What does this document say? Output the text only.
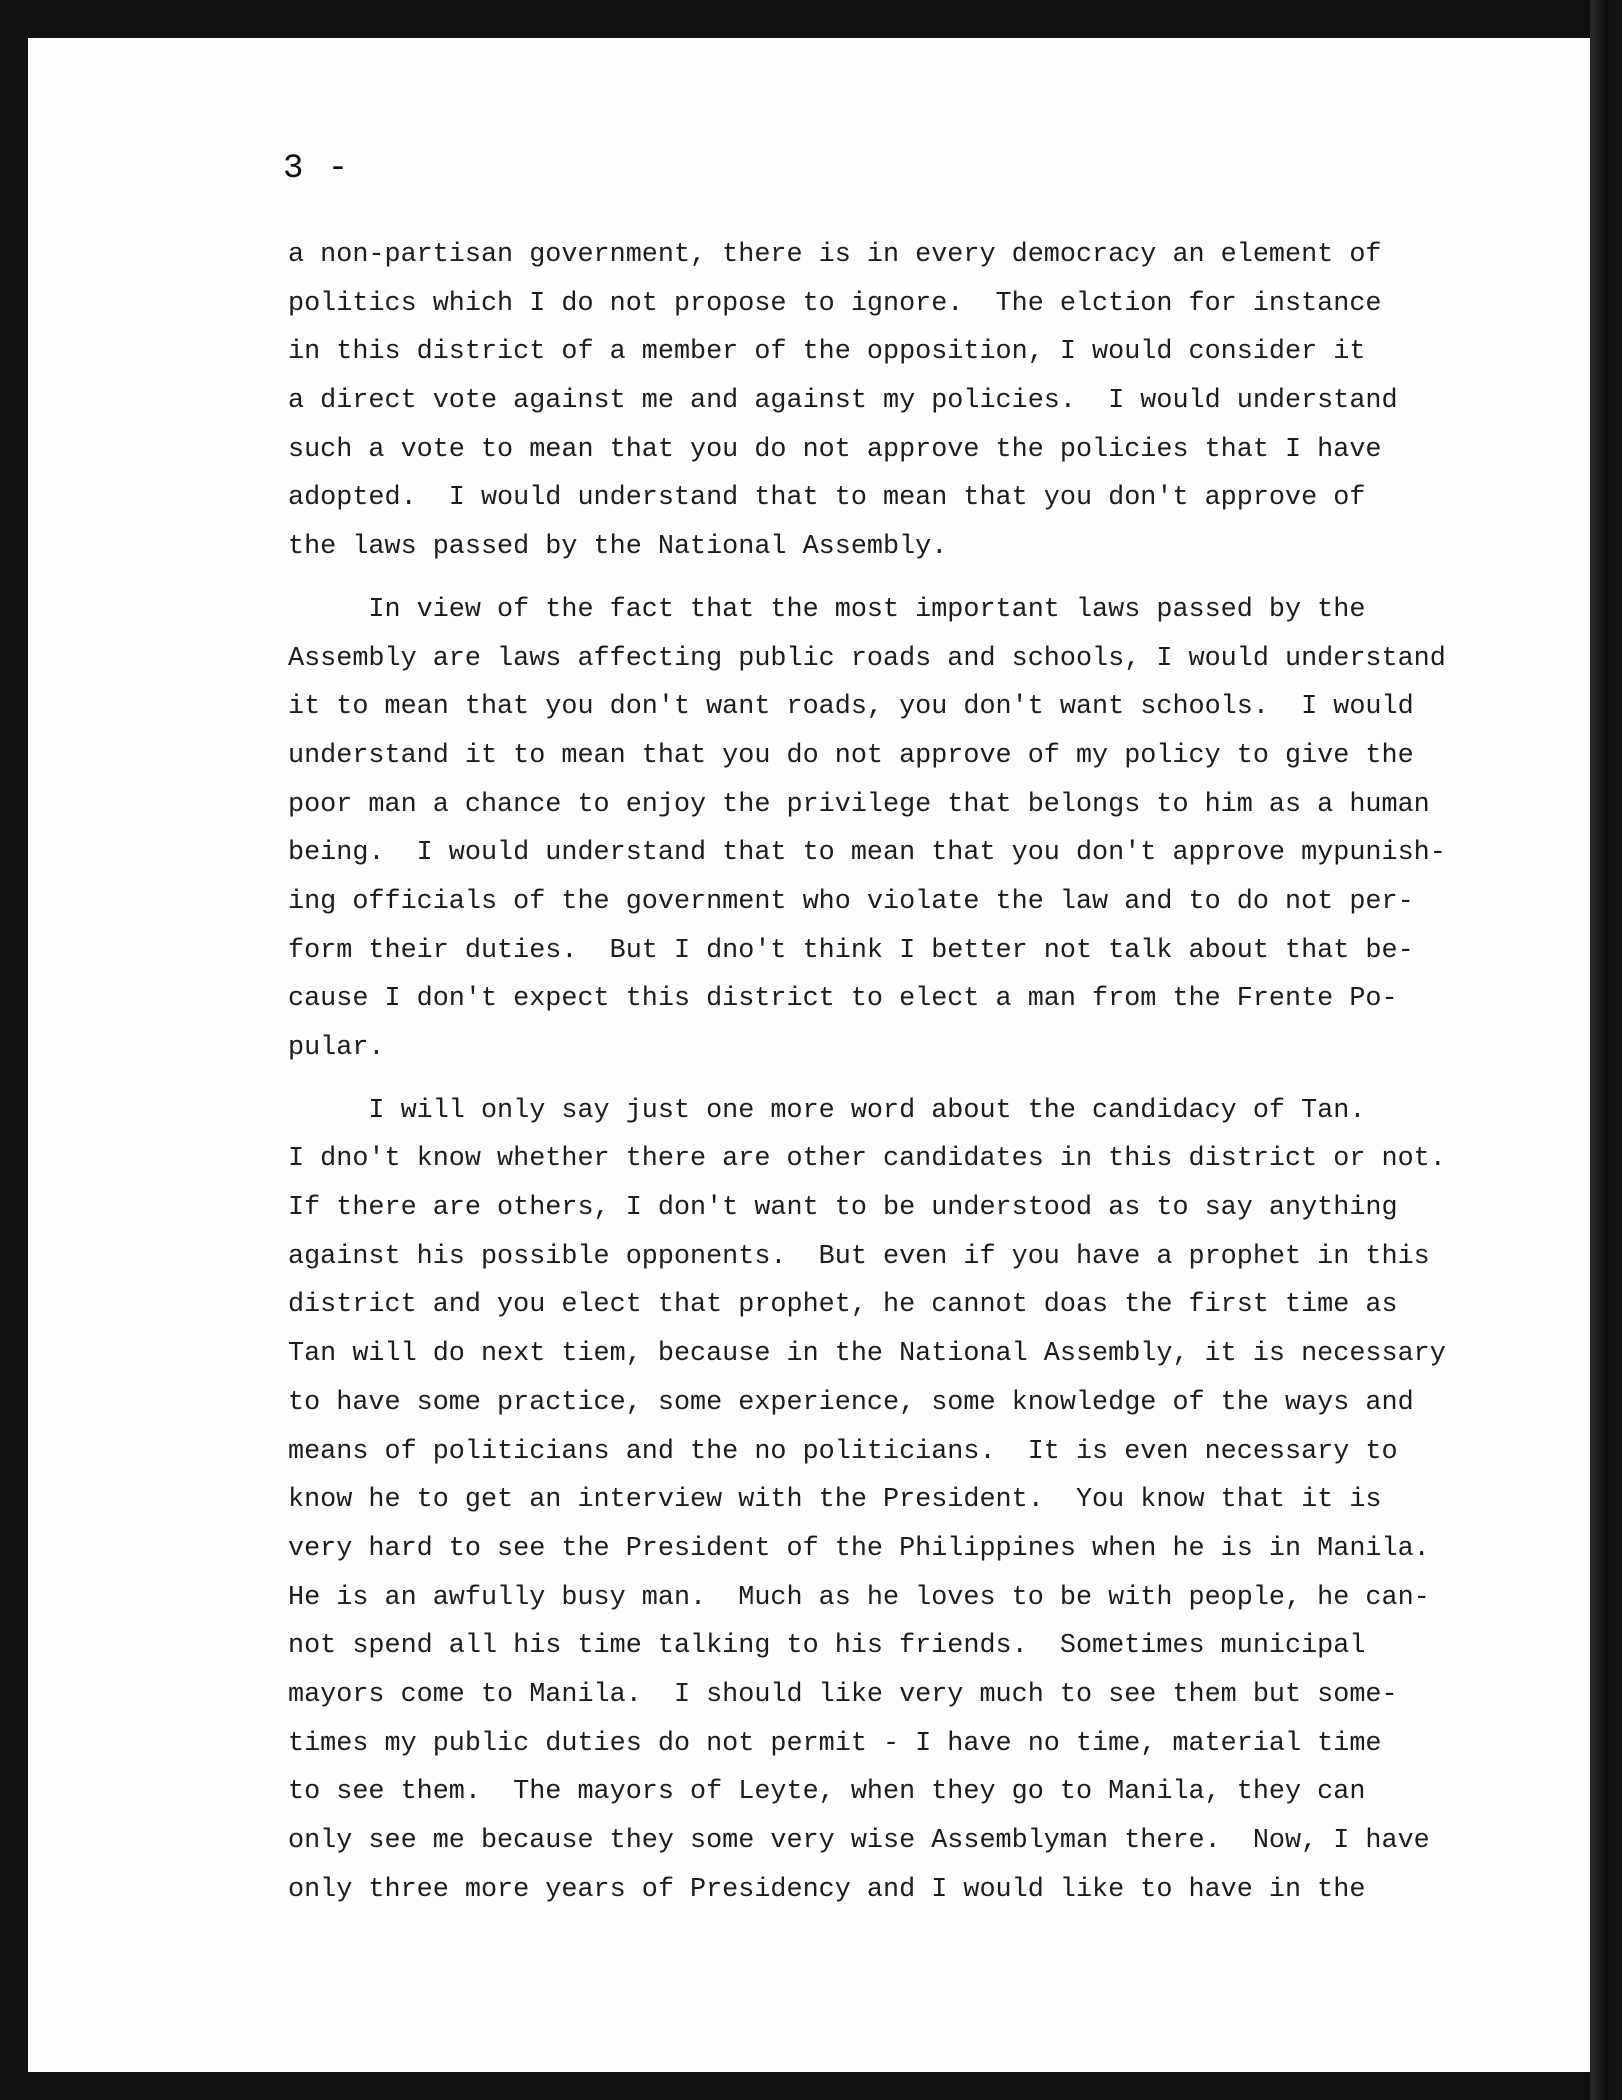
3 -
a non-partisan government, there is in every democracy an element of
politics which I do not propose to ignore.  The elction for instance
in this district of a member of the opposition, I would consider it
a direct vote against me and against my policies.  I would understand
such a vote to mean that you do not approve the policies that I have
adopted.  I would understand that to mean that you don't approve of
the laws passed by the National Assembly.
In view of the fact that the most important laws passed by the
Assembly are laws affecting public roads and schools, I would understand
it to mean that you don't want roads, you don't want schools.  I would
understand it to mean that you do not approve of my policy to give the
poor man a chance to enjoy the privilege that belongs to him as a human
being.  I would understand that to mean that you don't approve mypunish-
ing officials of the government who violate the law and to do not per-
form their duties.  But I dno't think I better not talk about that be-
cause I don't expect this district to elect a man from the Frente Po-
pular.
I will only say just one more word about the candidacy of Tan.
I dno't know whether there are other candidates in this district or not.
If there are others, I don't want to be understood as to say anything
against his possible opponents.  But even if you have a prophet in this
district and you elect that prophet, he cannot doas the first time as
Tan will do next tiem, because in the National Assembly, it is necessary
to have some practice, some experience, some knowledge of the ways and
means of politicians and the no politicians.  It is even necessary to
know he to get an interview with the President.  You know that it is
very hard to see the President of the Philippines when he is in Manila.
He is an awfully busy man.  Much as he loves to be with people, he can-
not spend all his time talking to his friends.  Sometimes municipal
mayors come to Manila.  I should like very much to see them but some-
times my public duties do not permit - I have no time, material time
to see them.  The mayors of Leyte, when they go to Manila, they can
only see me because they some very wise Assemblyman there.  Now, I have
only three more years of Presidency and I would like to have in the
